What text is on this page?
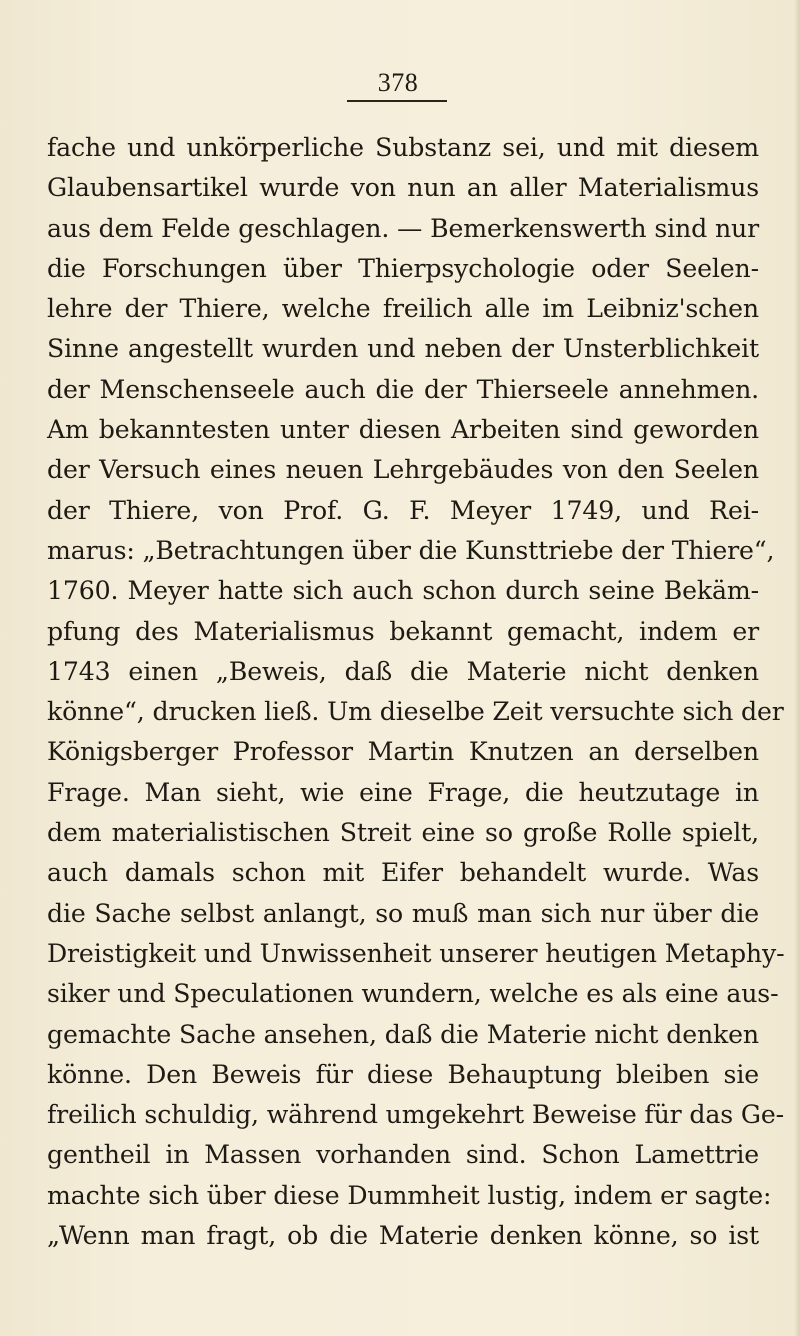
378
fache und unkörperliche Substanz sei, und mit diesem
Glaubensartikel wurde von nun an aller Materialismus
aus dem Felde geschlagen. — Bemerkenswerth sind nur
die Forschungen über Thierpsychologie oder Seelen-
lehre der Thiere, welche freilich alle im Leibniz'schen
Sinne angestellt wurden und neben der Unsterblichkeit
der Menschenseele auch die der Thierseele annehmen.
Am bekanntesten unter diesen Arbeiten sind geworden
der Versuch eines neuen Lehrgebäudes von den Seelen
der Thiere, von Prof. G. F. Meyer 1749, und Rei-
marus: „Betrachtungen über die Kunsttriebe der Thiere“,
1760. Meyer hatte sich auch schon durch seine Bekäm-
pfung des Materialismus bekannt gemacht, indem er
1743 einen „Beweis, daß die Materie nicht denken
könne“, drucken ließ. Um dieselbe Zeit versuchte sich der
Königsberger Professor Martin Knutzen an derselben
Frage. Man sieht, wie eine Frage, die heutzutage in
dem materialistischen Streit eine so große Rolle spielt,
auch damals schon mit Eifer behandelt wurde. Was
die Sache selbst anlangt, so muß man sich nur über die
Dreistigkeit und Unwissenheit unserer heutigen Metaphy-
siker und Speculationen wundern, welche es als eine aus-
gemachte Sache ansehen, daß die Materie nicht denken
könne. Den Beweis für diese Behauptung bleiben sie
freilich schuldig, während umgekehrt Beweise für das Ge-
gentheil in Massen vorhanden sind. Schon Lamettrie
machte sich über diese Dummheit lustig, indem er sagte:
„Wenn man fragt, ob die Materie denken könne, so ist
